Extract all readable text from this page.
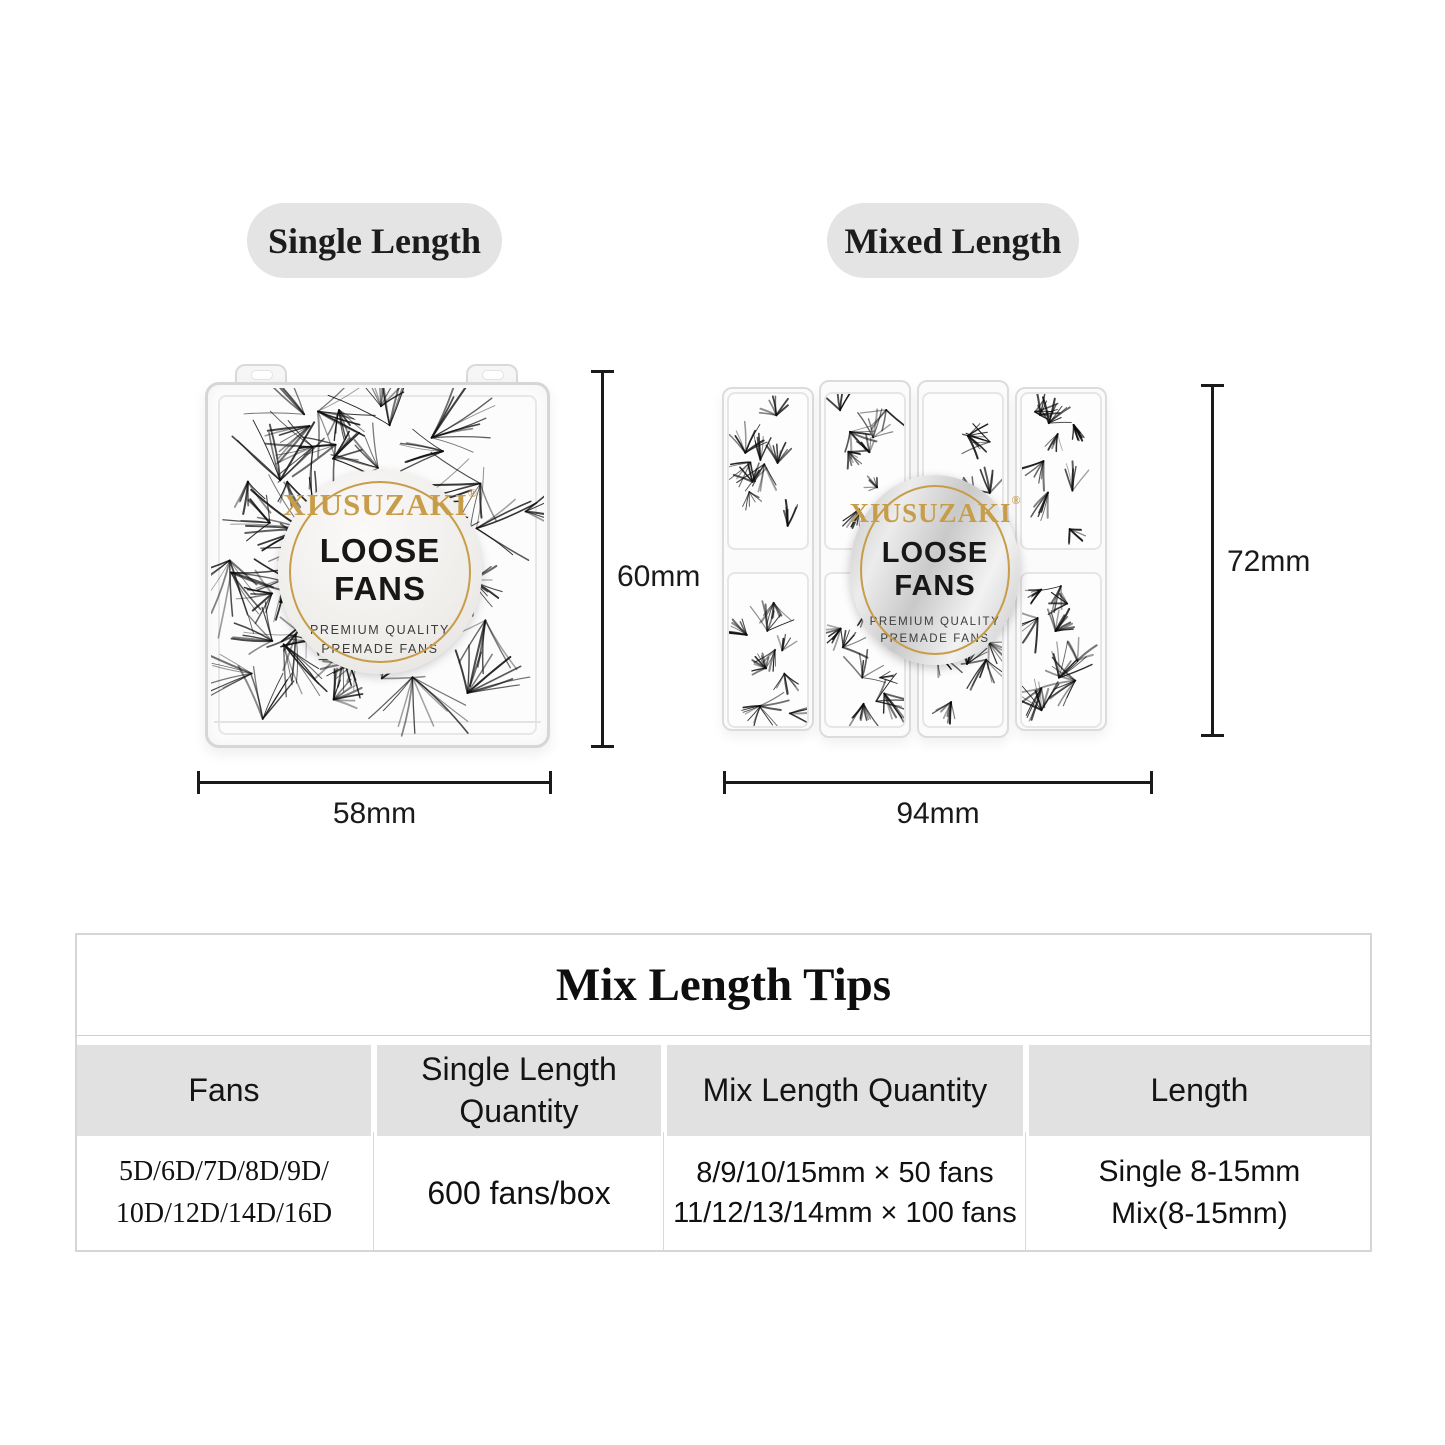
Single Length	Mixed Length
XIUSUZAKI®
LOOSE FANS
PREMIUM QUALITY
PREMADE FANS
60mm
58mm
XIUSUZAKI®
LOOSE FANS
PREMIUM QUALITY
PREMADE FANS
72mm
94mm
Mix Length Tips
Fans
Single Length Quantity
Mix Length Quantity	Length
5D/6D/7D/8D/9D/
10D/12D/14D/16D
600 fans/box
8/9/10/15mm × 50 fans
11/12/13/14mm × 100 fans
Single 8-15mm
Mix(8-15mm)
